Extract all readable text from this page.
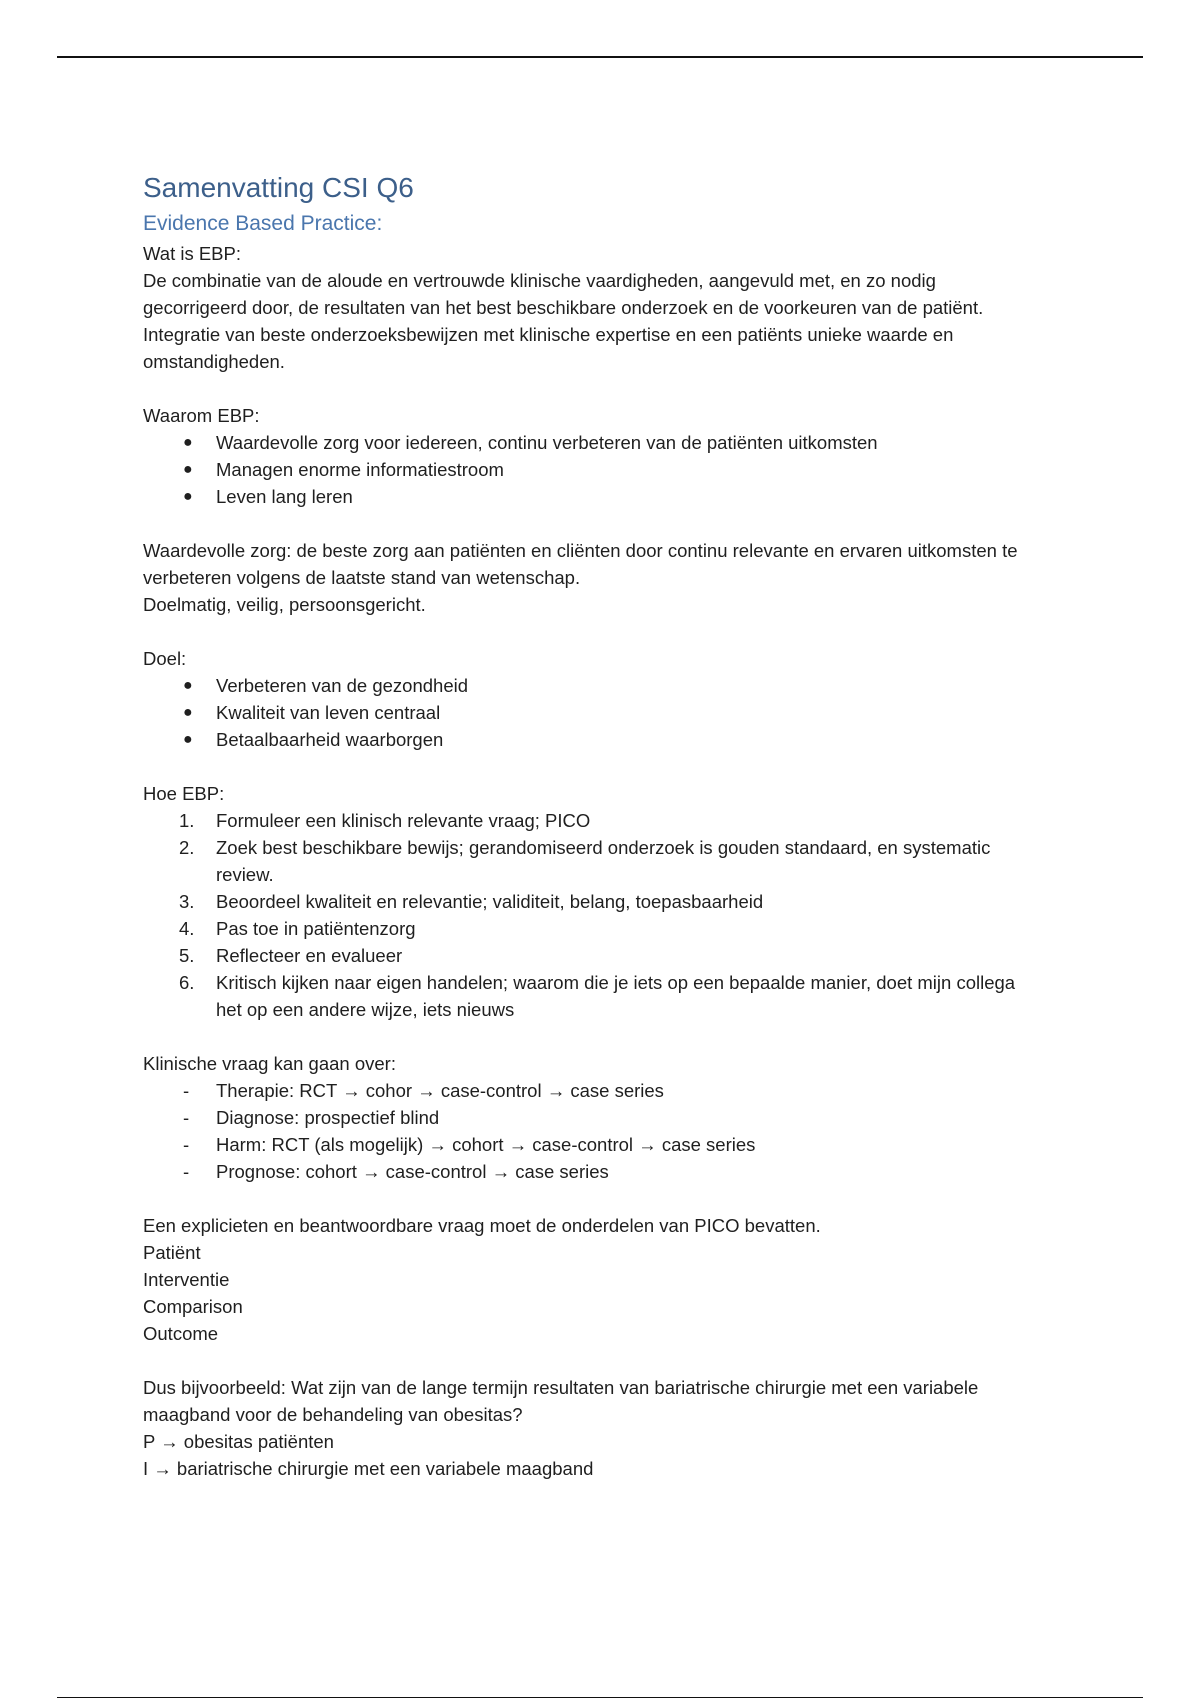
Samenvatting CSI Q6
Evidence Based Practice:

Wat is EBP:

De combinatie van de aloude en vertrouwde klinische vaardigheden, aangevuld met, en zo nodig gecorrigeerd door, de resultaten van het best beschikbare onderzoek en de voorkeuren van de patiënt.

Integratie van beste onderzoeksbewijzen met klinische expertise en een patiënts unieke waarde en omstandigheden.

Waarom EBP:

● Waardevolle zorg voor iedereen, continu verbeteren van de patiënten uitkomsten
● Managen enorme informatiestroom
● Leven lang leren

Waardevolle zorg: de beste zorg aan patiënten en cliënten door continu relevante en ervaren uitkomsten te verbeteren volgens de laatste stand van wetenschap.

Doelmatig, veilig, persoonsgericht.

Doel:

● Verbeteren van de gezondheid
● Kwaliteit van leven centraal
● Betaalbaarheid waarborgen

Hoe EBP:

1. Formuleer een klinisch relevante vraag; PICO
2. Zoek best beschikbare bewijs; gerandomiseerd onderzoek is gouden standaard, en systematic review.
3. Beoordeel kwaliteit en relevantie; validiteit, belang, toepasbaarheid
4. Pas toe in patiëntenzorg
5. Reflecteer en evalueer
6. Kritisch kijken naar eigen handelen; waarom die je iets op een bepaalde manier, doet mijn collega het op een andere wijze, iets nieuws

Klinische vraag kan gaan over:

- Therapie: RCT → cohor → case-control → case series
- Diagnose: prospectief blind
- Harm: RCT (als mogelijk) → cohort → case-control → case series
- Prognose: cohort → case-control → case series

Een explicieten en beantwoordbare vraag moet de onderdelen van PICO bevatten.

Patiënt

Interventie

Comparison

Outcome

Dus bijvoorbeeld: Wat zijn van de lange termijn resultaten van bariatrische chirurgie met een variabele maagband voor de behandeling van obesitas?

P → obesitas patiënten

I → bariatrische chirurgie met een variabele maagband
